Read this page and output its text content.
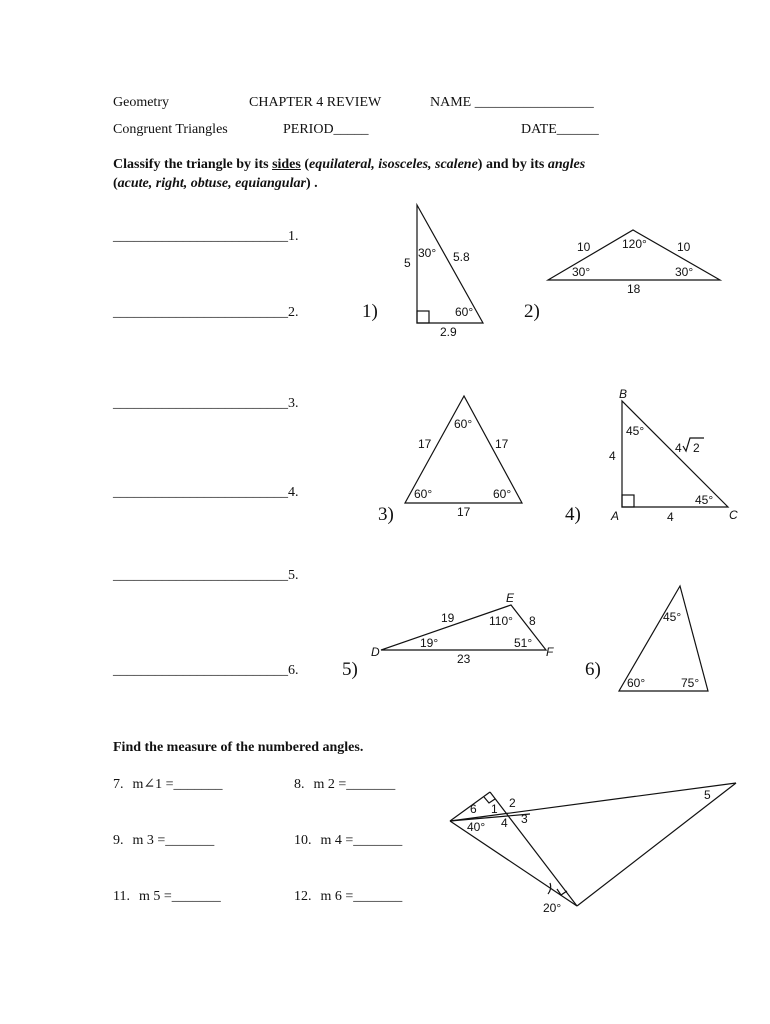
Geometry	CHAPTER 4 REVIEW	NAME _________________
Congruent Triangles	PERIOD_____	DATE______
Classify the triangle by its sides (equilateral, isosceles, scalene) and by its angles
(acute, right, obtuse, equiangular) .
_________________________1.
_________________________2.
_________________________3.
_________________________4.
_________________________5.
_________________________6.
1)	2)
3)	4)
5)	6)
30°
60°
5	5.8
2.9
120°
30°	30°
10	10
18
60°
60°	60°
17	17
17
B
A	C
45°
45°
4
4
4 2
D
E
F
19°
110°
51°
19	8
23
45°
60°	75°
Find the measure of the numbered angles.
7. m∠1 =_______	8. m 2 =_______
9. m 3 =_______	10. m 4 =_______
11. m 5 =_______	12. m 6 =_______
1 2
3
4
5
6
40°
20°
